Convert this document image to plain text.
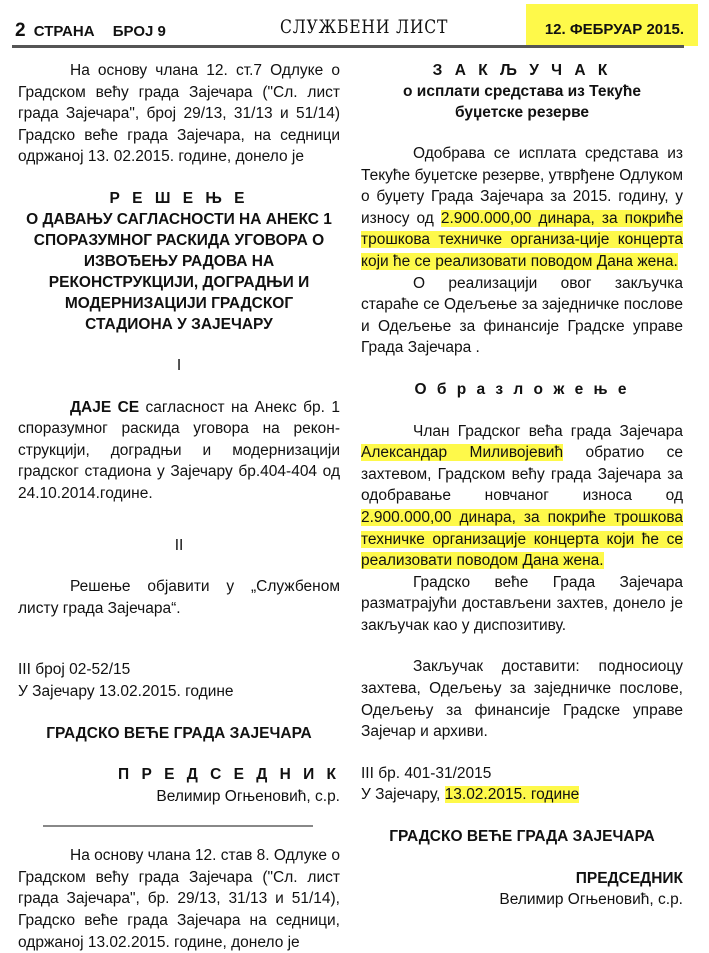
2 СТРАНА БРОЈ 9	СЛУЖБЕНИ ЛИСТ	12. ФЕБРУАР 2015.

На основу члана 12. ст.7 Одлуке о Градском већу града Зајечара ("Сл. лист града Зајечара", број 29/13, 31/13 и 51/14) Градско веће града Зајечара, на седници одржаној 13. 02.2015. године, донело је

Р Е Ш Е Њ Е
О ДАВАЊУ САГЛАСНОСТИ НА АНЕКС 1
СПОРАЗУМНОГ РАСКИДА УГОВОРА О
ИЗВОЂЕЊУ РАДОВА НА
РЕКОНСТРУКЦИЈИ, ДОГРАДЊИ И
МОДЕРНИЗАЦИЈИ ГРАДСКОГ
СТАДИОНА У ЗАЈЕЧАРУ

I

ДАЈЕ СЕ сагласност на Анекс бр. 1 споразумног раскида уговора на рекон-струкцији, доградњи и модернизацији градског стадиона у Зајечару бр.404-404 од 24.10.2014.године.

II

Решење објавити у „Службеном листу града Зајечара“.

III број 02-52/15

У Зајечару 13.02.2015. године

ГРАДСКО ВЕЋЕ ГРАДА ЗАЈЕЧАРА

П Р Е Д С Е Д Н И К

Велимир Огњеновић, с.р.

На основу члана 12. став 8. Одлуке о Градском већу града Зајечара ("Сл. лист града Зајечара", бр. 29/13, 31/13 и 51/14), Градско веће града Зајечара на седници, одржаној 13.02.2015. године, донело је

З А К Љ У Ч А К
о исплати средстава из Текуће
буџетске резерве

Одобрава се исплата средстава из Текуће буџетске резерве, утврђене Одлуком о буџету Града Зајечара за 2015. годину, у износу од 2.900.000,00 динара, за покриће трошкова техничке организа-ције концерта који ће се реализовати поводом Дана жена.

О реализацији овог закључка стараће се Одељење за заједничке послове и Одељење за финансије Градске управе Града Зајечара .

О б р а з л о ж е њ е

Члан Градског већа града Зајечара Александар Миливојевић обратио се захтевом, Градском већу града Зајечара за одобравање новчаног износа од 2.900.000,00 динара, за покриће трошкова техничке организације концерта који ће се реализовати поводом Дана жена.

Градско веће Града Зајечара разматрајући достављени захтев, донело је закључак као у диспозитиву.

Закључак доставити: подносиоцу захтева, Одељењу за заједничке послове, Одељењу за финансије Градске управе Зајечар и архиви.

III бр. 401-31/2015

У Зајечару, 13.02.2015. године

ГРАДСКО ВЕЋЕ ГРАДА ЗАЈЕЧАРА

ПРЕДСЕДНИК

Велимир Огњеновић, с.р.
